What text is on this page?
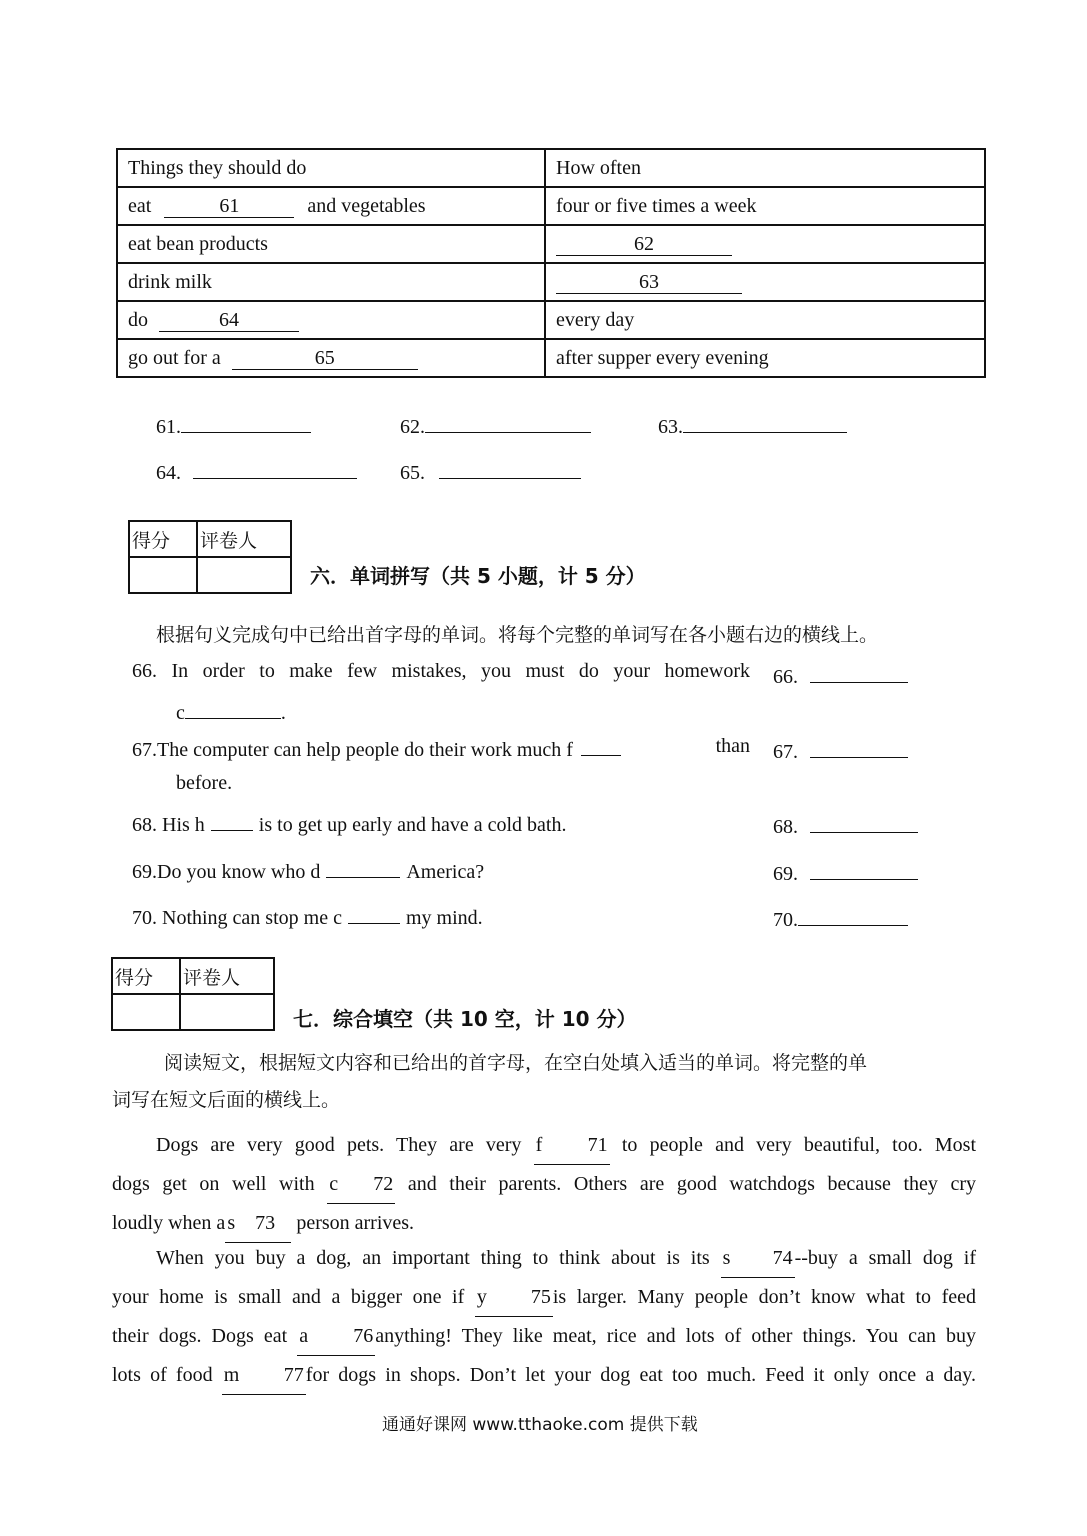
Things they should do	How often
eat 61 and vegetables	four or five times a week
eat bean products	62
drink milk	63
do 64	every day
go out for a 65	after supper every evening
61.	62.	63.
64.	65.
得分	评卷人

六．单词拼写（共 5 小题，计 5 分）
根据句义完成句中已给出首字母的单词。将每个完整的单词写在各小题右边的横线上。
66. In order to make few mistakes, you must do your homework
c	.
66.
67.The computer can help people do their work much f	than
before.
67.
68. His h	is to get up early and have a cold bath.	68.
69.Do you know who d	America?	69.
70. Nothing can stop me c	my mind.	70.
得分	评卷人

七．综合填空（共 10 空，计 10 分）
阅读短文，根据短文内容和已给出的首字母，在空白处填入适当的单词。将完整的单
词写在短文后面的横线上。
Dogs are very good pets. They are very f    71 to people and very beautiful, too. Most
dogs get on well with c    72 and their parents. Others are good watchdogs because they cry
loudly when a s    73 person arrives.
When you buy a dog, an important thing to think about is its s    74 --buy a small dog if
your home is small and a bigger one if y    75 is larger. Many people don’t know what to feed
their dogs. Dogs eat a    76 anything! They like meat, rice and lots of other things. You can buy
lots of food m    77 for dogs in shops. Don’t let your dog eat too much. Feed it only once a day.
通通好课网 www.tthaoke.com 提供下载
